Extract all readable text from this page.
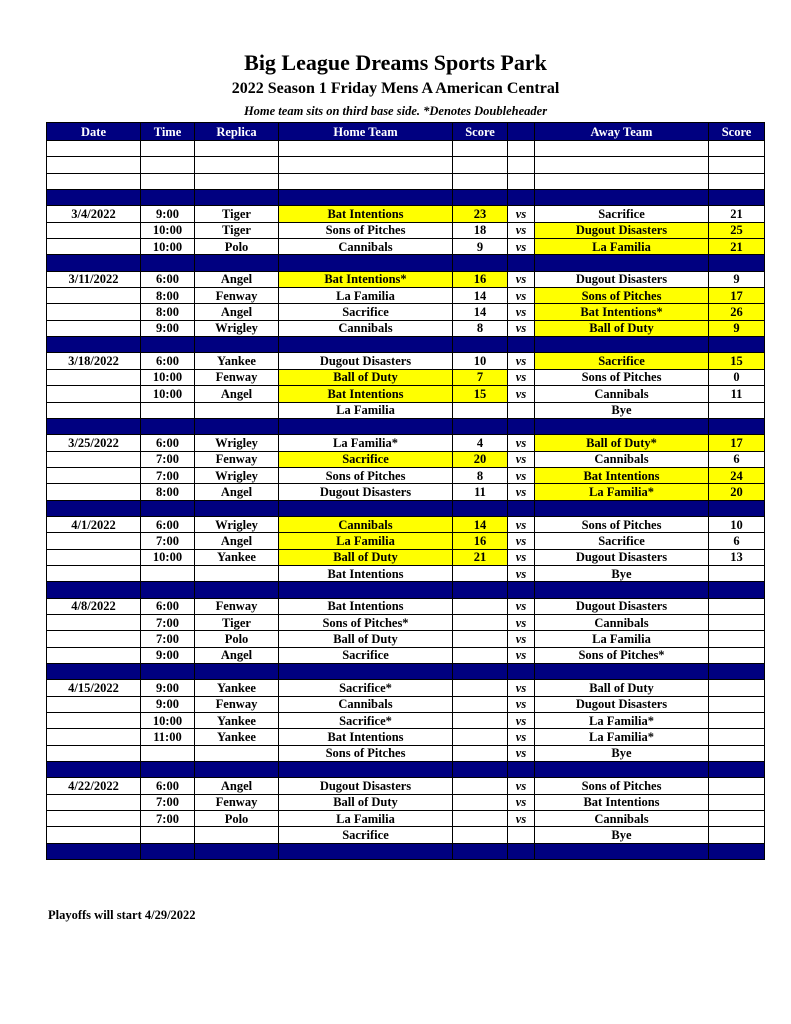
Big League Dreams Sports Park
2022 Season 1 Friday Mens A American Central
Home team sits on third base side. *Denotes Doubleheader
Date	Time	Replica	Home Team	Score		Away Team	Score

3/4/2022	9:00	Tiger	Bat Intentions	23	vs	Sacrifice	21
	10:00	Tiger	Sons of Pitches	18	vs	Dugout Disasters	25
	10:00	Polo	Cannibals	9	vs	La Familia	21

3/11/2022	6:00	Angel	Bat Intentions*	16	vs	Dugout Disasters	9
	8:00	Fenway	La Familia	14	vs	Sons of Pitches	17
	8:00	Angel	Sacrifice	14	vs	Bat Intentions*	26
	9:00	Wrigley	Cannibals	8	vs	Ball of Duty	9

3/18/2022	6:00	Yankee	Dugout Disasters	10	vs	Sacrifice	15
	10:00	Fenway	Ball of Duty	7	vs	Sons of Pitches	0
	10:00	Angel	Bat Intentions	15	vs	Cannibals	11
			La Familia			Bye	

3/25/2022	6:00	Wrigley	La Familia*	4	vs	Ball of Duty*	17
	7:00	Fenway	Sacrifice	20	vs	Cannibals	6
	7:00	Wrigley	Sons of Pitches	8	vs	Bat Intentions	24
	8:00	Angel	Dugout Disasters	11	vs	La Familia*	20

4/1/2022	6:00	Wrigley	Cannibals	14	vs	Sons of Pitches	10
	7:00	Angel	La Familia	16	vs	Sacrifice	6
	10:00	Yankee	Ball of Duty	21	vs	Dugout Disasters	13
			Bat Intentions		vs	Bye	

4/8/2022	6:00	Fenway	Bat Intentions		vs	Dugout Disasters	
	7:00	Tiger	Sons of Pitches*		vs	Cannibals	
	7:00	Polo	Ball of Duty		vs	La Familia	
	9:00	Angel	Sacrifice		vs	Sons of Pitches*	

4/15/2022	9:00	Yankee	Sacrifice*		vs	Ball of Duty	
	9:00	Fenway	Cannibals		vs	Dugout Disasters	
	10:00	Yankee	Sacrifice*		vs	La Familia*	
	11:00	Yankee	Bat Intentions		vs	La Familia*	
			Sons of Pitches		vs	Bye	

4/22/2022	6:00	Angel	Dugout Disasters		vs	Sons of Pitches	
	7:00	Fenway	Ball of Duty		vs	Bat Intentions	
	7:00	Polo	La Familia		vs	Cannibals	
			Sacrifice			Bye	

Playoffs will start 4/29/2022
